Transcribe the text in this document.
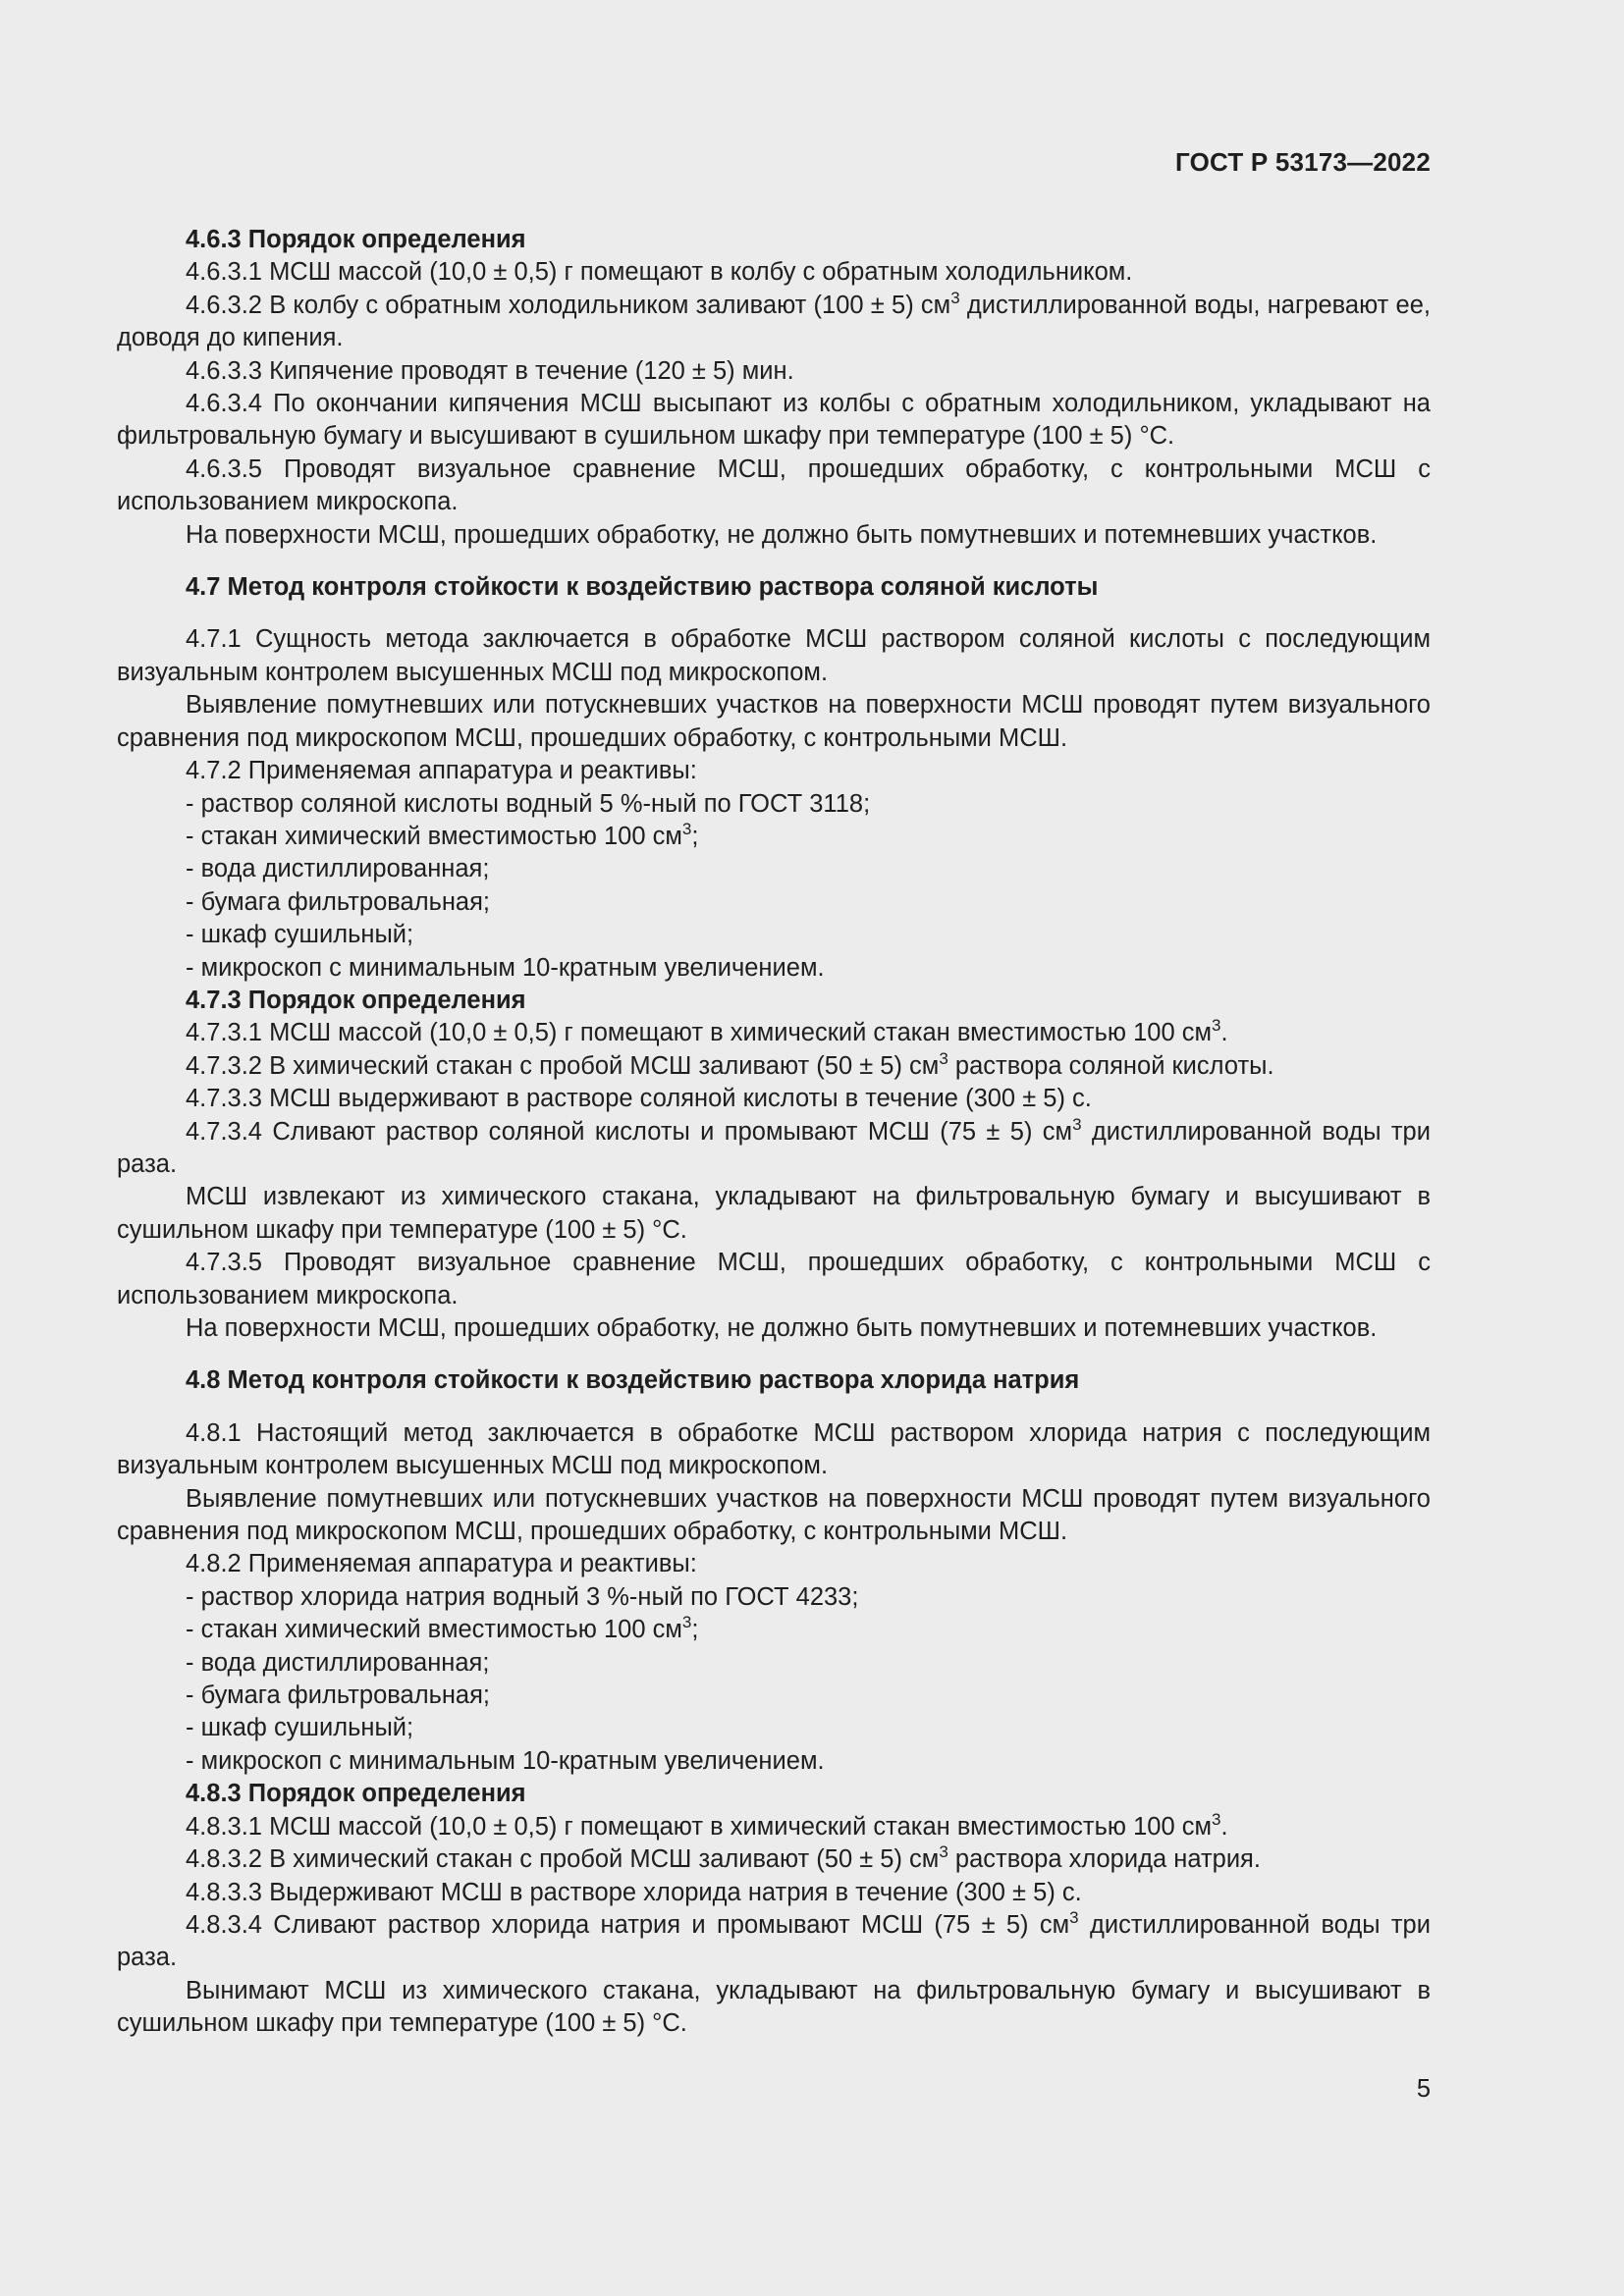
ГОСТ Р 53173—2022

4.6.3 Порядок определения

4.6.3.1 МСШ массой (10,0 ± 0,5) г помещают в колбу с обратным холодильником.

4.6.3.2 В колбу с обратным холодильником заливают (100 ± 5) $см^3$ дистиллированной воды, нагревают ее, доводя до кипения.

4.6.3.3 Кипячение проводят в течение (120 ± 5) мин.

4.6.3.4 По окончании кипячения МСШ высыпают из колбы с обратным холодильником, укладывают на фильтровальную бумагу и высушивают в сушильном шкафу при температуре (100 ± 5) °С.

4.6.3.5 Проводят визуальное сравнение МСШ, прошедших обработку, с контрольными МСШ с использованием микроскопа.

На поверхности МСШ, прошедших обработку, не должно быть помутневших и потемневших участков.

4.7 Метод контроля стойкости к воздействию раствора соляной кислоты

4.7.1 Сущность метода заключается в обработке МСШ раствором соляной кислоты с последующим визуальным контролем высушенных МСШ под микроскопом.

Выявление помутневших или потускневших участков на поверхности МСШ проводят путем визуального сравнения под микроскопом МСШ, прошедших обработку, с контрольными МСШ.

4.7.2 Применяемая аппаратура и реактивы:

- раствор соляной кислоты водный 5 %-ный по ГОСТ 3118;

- стакан химический вместимостью 100 $см^3$;

- вода дистиллированная;

- бумага фильтровальная;

- шкаф сушильный;

- микроскоп с минимальным 10-кратным увеличением.

4.7.3 Порядок определения

4.7.3.1 МСШ массой (10,0 ± 0,5) г помещают в химический стакан вместимостью 100 $см^3$.

4.7.3.2 В химический стакан с пробой МСШ заливают (50 ± 5) $см^3$ раствора соляной кислоты.

4.7.3.3 МСШ выдерживают в растворе соляной кислоты в течение (300 ± 5) с.

4.7.3.4 Сливают раствор соляной кислоты и промывают МСШ (75 ± 5) $см^3$ дистиллированной воды три раза.

МСШ извлекают из химического стакана, укладывают на фильтровальную бумагу и высушивают в сушильном шкафу при температуре (100 ± 5) °С.

4.7.3.5 Проводят визуальное сравнение МСШ, прошедших обработку, с контрольными МСШ с использованием микроскопа.

На поверхности МСШ, прошедших обработку, не должно быть помутневших и потемневших участков.

4.8 Метод контроля стойкости к воздействию раствора хлорида натрия

4.8.1 Настоящий метод заключается в обработке МСШ раствором хлорида натрия с последующим визуальным контролем высушенных МСШ под микроскопом.

Выявление помутневших или потускневших участков на поверхности МСШ проводят путем визуального сравнения под микроскопом МСШ, прошедших обработку, с контрольными МСШ.

4.8.2 Применяемая аппаратура и реактивы:

- раствор хлорида натрия водный 3 %-ный по ГОСТ 4233;

- стакан химический вместимостью 100 $см^3$;

- вода дистиллированная;

- бумага фильтровальная;

- шкаф сушильный;

- микроскоп с минимальным 10-кратным увеличением.

4.8.3 Порядок определения

4.8.3.1 МСШ массой (10,0 ± 0,5) г помещают в химический стакан вместимостью 100 $см^3$.

4.8.3.2 В химический стакан с пробой МСШ заливают (50 ± 5) $см^3$ раствора хлорида натрия.

4.8.3.3 Выдерживают МСШ в растворе хлорида натрия в течение (300 ± 5) с.

4.8.3.4 Сливают раствор хлорида натрия и промывают МСШ (75 ± 5) $см^3$ дистиллированной воды три раза.

Вынимают МСШ из химического стакана, укладывают на фильтровальную бумагу и высушивают в сушильном шкафу при температуре (100 ± 5) °С.

5
